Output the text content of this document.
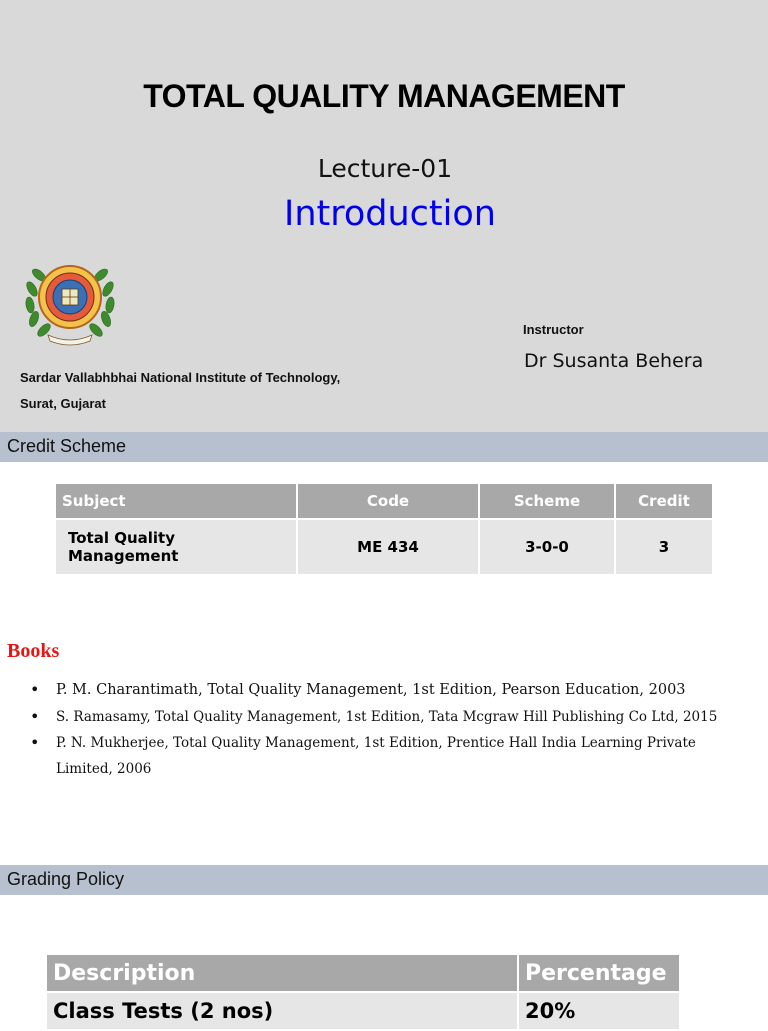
TOTAL QUALITY MANAGEMENT
Lecture-01
Introduction
Sardar Vallabhbhai National Institute of Technology,
Surat, Gujarat
Instructor
Dr Susanta Behera
Credit Scheme
Subject	Code	Scheme	Credit
Total Quality Management	ME 434	3-0-0	3
Books
• P. M. Charantimath, Total Quality Management, 1st Edition, Pearson Education, 2003
• S. Ramasamy, Total Quality Management, 1st Edition, Tata Mcgraw Hill Publishing Co Ltd, 2015
• P. N. Mukherjee, Total Quality Management, 1st Edition, Prentice Hall India Learning Private Limited, 2006
Grading Policy
Description	Percentage
Class Tests (2 nos)	20%
